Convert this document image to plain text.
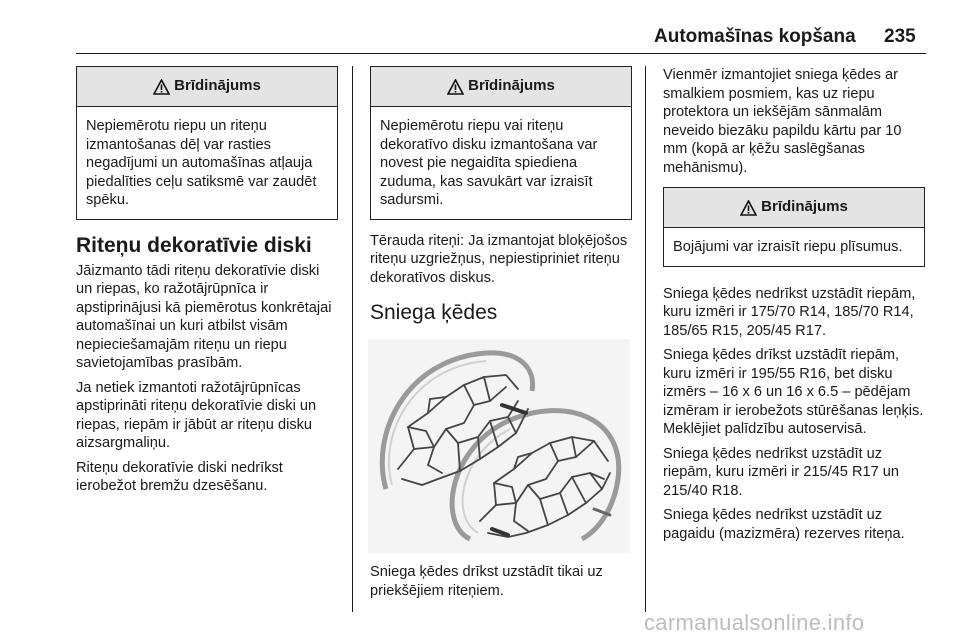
Automašīnas kopšana 235
Brīdinājums
Nepiemērotu riepu un riteņu izmantošanas dēļ var rasties negadījumi un automašīnas atļauja piedalīties ceļu satiksmē var zaudēt spēku.
Riteņu dekoratīvie diski

Jāizmanto tādi riteņu dekoratīvie diski un riepas, ko ražotājrūpnīca ir apstiprinājusi kā piemērotus konkrētajai automašīnai un kuri atbilst visām nepieciešamajām riteņu un riepu savietojamības prasībām.

Ja netiek izmantoti ražotājrūpnīcas apstiprināti riteņu dekoratīvie diski un riepas, riepām ir jābūt ar riteņu disku aizsargmaliņu.

Riteņu dekoratīvie diski nedrīkst ierobežot bremžu dzesēšanu.

Brīdinājums
Nepiemērotu riepu vai riteņu dekoratīvo disku izmantošana var novest pie negaidīta spiediena zuduma, kas savukārt var izraisīt sadursmi.

Tērauda riteņi: Ja izmantojat bloķējošos riteņu uzgriežņus, nepiestipriniet riteņu dekoratīvos diskus.

Sniega ķēdes

Sniega ķēdes drīkst uzstādīt tikai uz priekšējiem riteņiem.

Vienmēr izmantojiet sniega ķēdes ar smalkiem posmiem, kas uz riepu protektora un iekšējām sānmalām neveido biezāku papildu kārtu par 10 mm (kopā ar ķēžu saslēgšanas mehānismu).

Brīdinājums
Bojājumi var izraisīt riepu plīsumus.

Sniega ķēdes nedrīkst uzstādīt riepām, kuru izmēri ir 175/70 R14, 185/70 R14, 185/65 R15, 205/45 R17.

Sniega ķēdes drīkst uzstādīt riepām, kuru izmēri ir 195/55 R16, bet disku izmērs – 16 x 6 un 16 x 6.5 – pēdējam izmēram ir ierobežots stūrēšanas leņķis. Meklējiet palīdzību autoservisā.

Sniega ķēdes nedrīkst uzstādīt uz riepām, kuru izmēri ir 215/45 R17 un 215/40 R18.

Sniega ķēdes nedrīkst uzstādīt uz pagaidu (mazizmēra) rezerves riteņa.

carmanualsonline.info
